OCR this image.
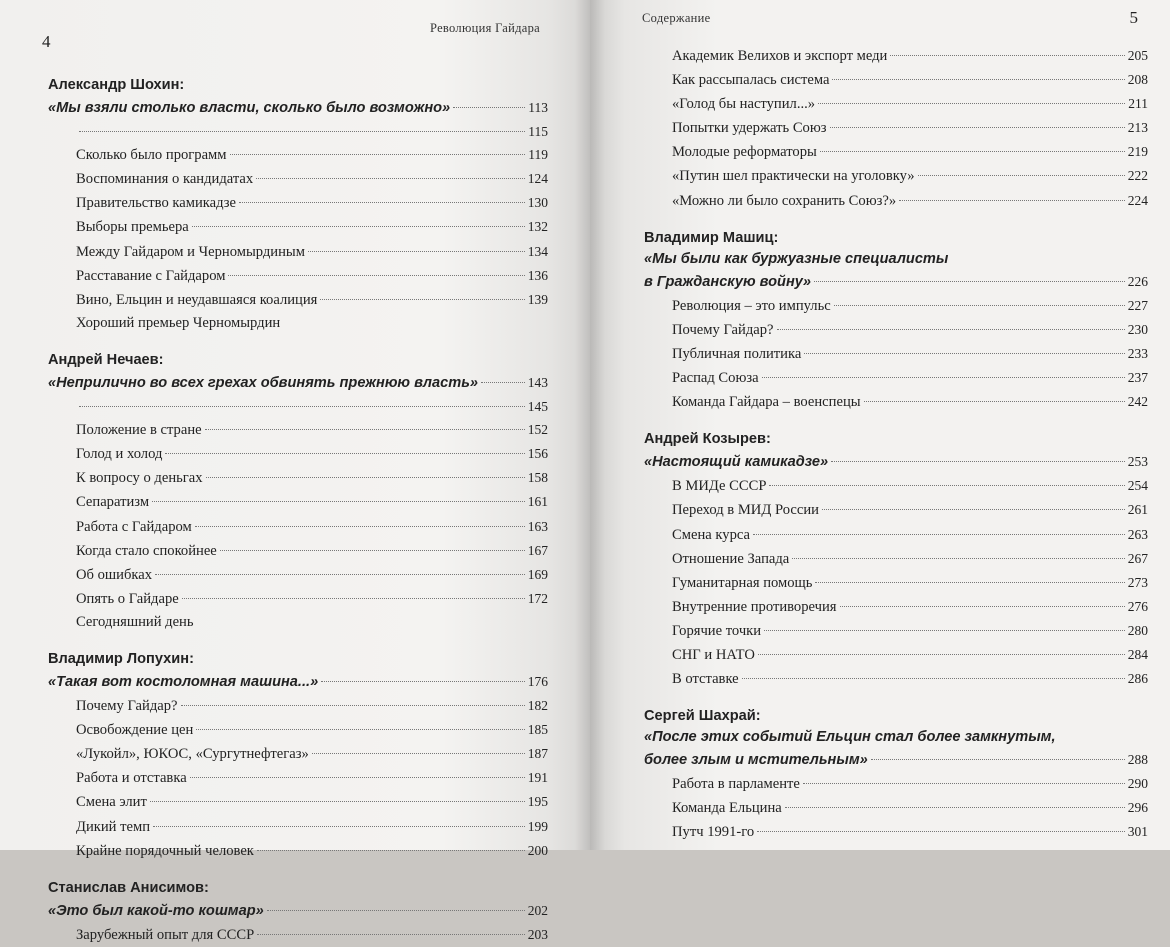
4
Революция Гайдара
Александр Шохин:
«Мы взяли столько власти, сколько было возможно»	113
115
Сколько было программ	119
Воспоминания о кандидатах	124
Правительство камикадзе	130
Выборы премьера	132
Между Гайдаром и Черномырдиным	134
Расставание с Гайдаром	136
Вино, Ельцин и неудавшаяся коалиция	139
Хороший премьер Черномырдин
Андрей Нечаев:
«Неприлично во всех грехах обвинять прежнюю власть»	143
145
Положение в стране	152
Голод и холод	156
К вопросу о деньгах	158
Сепаратизм	161
Работа с Гайдаром	163
Когда стало спокойнее	167
Об ошибках	169
Опять о Гайдаре	172
Сегодняшний день
Владимир Лопухин:
«Такая вот костоломная машина...»	176
Почему Гайдар?	182
Освобождение цен	185
«Лукойл», ЮКОС, «Сургутнефтегаз»	187
Работа и отставка	191
Смена элит	195
Дикий темп	199
Крайне порядочный человек	200
Станислав Анисимов:
«Это был какой-то кошмар»	202
Зарубежный опыт для СССР	203
5
Содержание
Академик Велихов и экспорт меди	205
Как рассыпалась система	208
«Голод бы наступил...»	211
Попытки удержать Союз	213
Молодые реформаторы	219
«Путин шел практически на уголовку»	222
«Можно ли было сохранить Союз?»	224
Владимир Машиц:
«Мы были как буржуазные специалисты
в Гражданскую войну»	226
Революция – это импульс	227
Почему Гайдар?	230
Публичная политика	233
Распад Союза	237
Команда Гайдара – военспецы	242
Андрей Козырев:
«Настоящий камикадзе»	253
В МИДе СССР	254
Переход в МИД России	261
Смена курса	263
Отношение Запада	267
Гуманитарная помощь	273
Внутренние противоречия	276
Горячие точки	280
СНГ и НАТО	284
В отставке	286
Сергей Шахрай:
«После этих событий Ельцин стал более замкнутым,
более злым и мстительным»	288
Работа в парламенте	290
Команда Ельцина	296
Путч 1991-го	301
